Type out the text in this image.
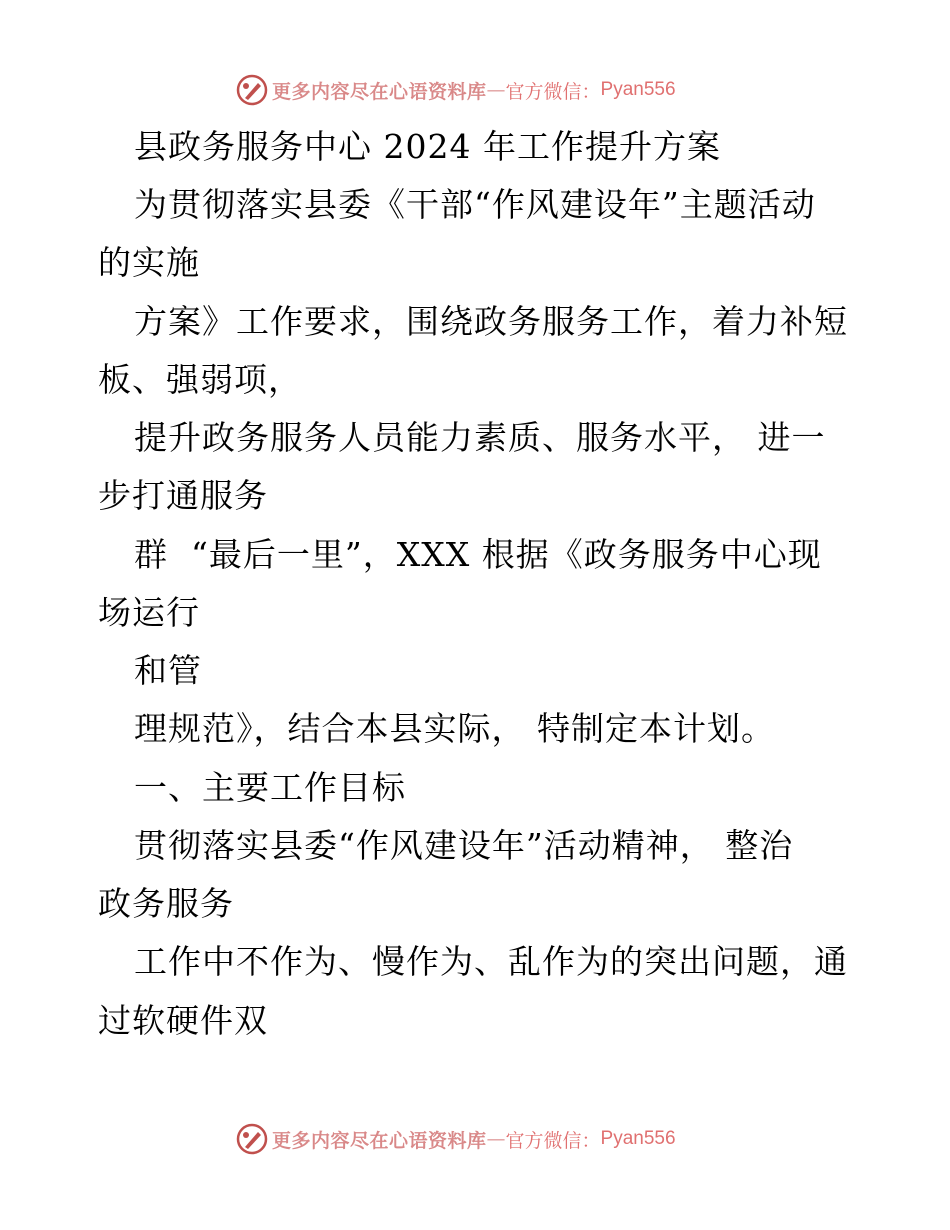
更多内容尽在心语资料库 — 官方微信： Pyan556

县政务服务中心 2024 年工作提升方案

为贯彻落实县委《干部“作风建设年”主题活动

的实施

方案》工作要求，围绕政务服务工作，着力补短

板、强弱项，

提升政务服务人员能力素质、服务水平， 进一

步打通服务

群  “最后一里”，XXX 根据《政务服务中心现

场运行

和管

理规范》，结合本县实际， 特制定本计划。

一、主要工作目标

贯彻落实县委“作风建设年”活动精神， 整治

政务服务

工作中不作为、慢作为、乱作为的突出问题，通

过软硬件双

更多内容尽在心语资料库 — 官方微信： Pyan556
